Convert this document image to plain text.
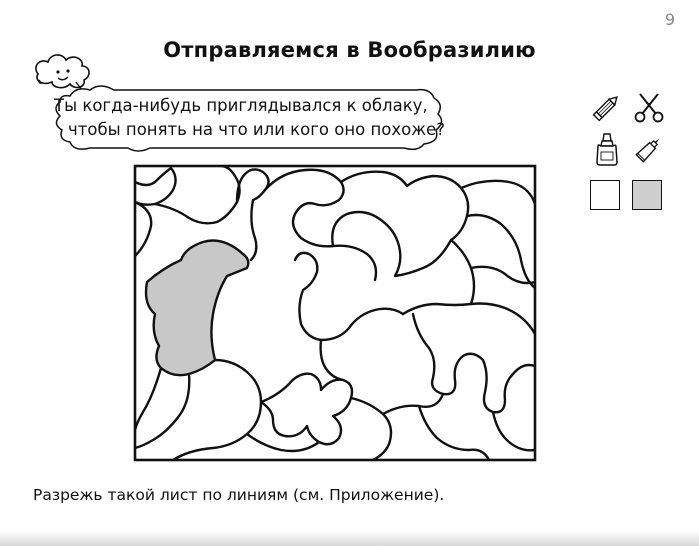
9
Отправляемся в Вообразилию
Ты когда-нибудь приглядывался к облаку,
чтобы понять на что или кого оно похоже?
Разрежь такой лист по линиям (см. Приложение).
